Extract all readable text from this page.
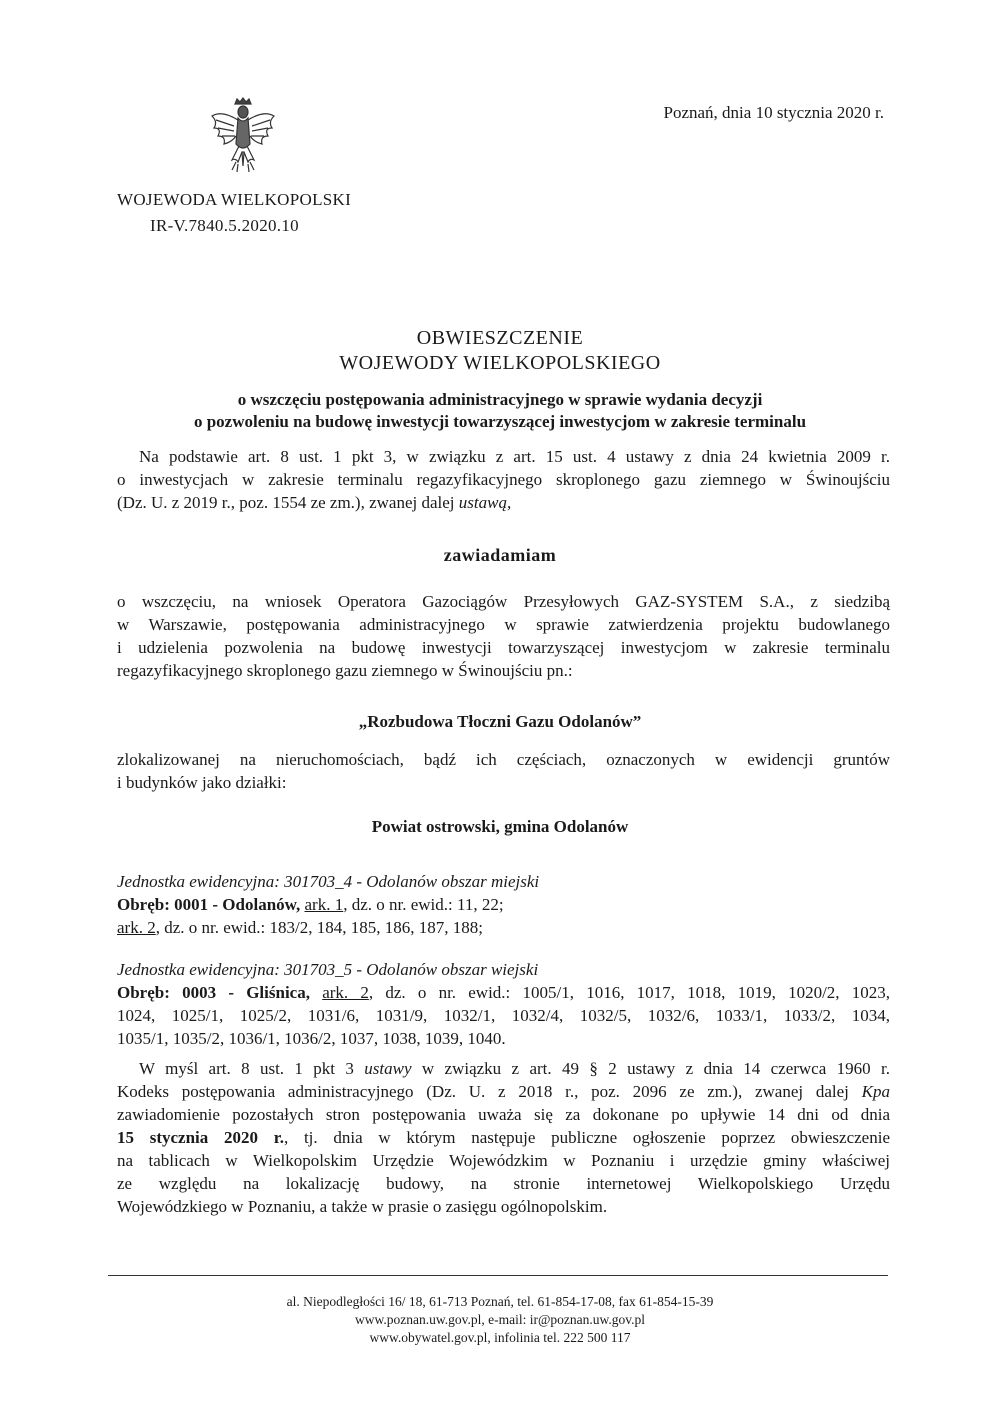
Poznań, dnia 10 stycznia 2020 r.
WOJEWODA WIELKOPOLSKI
IR-V.7840.5.2020.10
OBWIESZCZENIE
WOJEWODY WIELKOPOLSKIEGO
o wszczęciu postępowania administracyjnego w sprawie wydania decyzji
o pozwoleniu na budowę inwestycji towarzyszącej inwestycjom w zakresie terminalu
Na podstawie art. 8 ust. 1 pkt 3, w związku z art. 15 ust. 4 ustawy z dnia 24 kwietnia 2009 r.
o inwestycjach w zakresie terminalu regazyfikacyjnego skroplonego gazu ziemnego w Świnoujściu
(Dz. U. z 2019 r., poz. 1554 ze zm.), zwanej dalej ustawą,
zawiadamiam
o wszczęciu, na wniosek Operatora Gazociągów Przesyłowych GAZ-SYSTEM S.A., z siedzibą
w Warszawie, postępowania administracyjnego w sprawie zatwierdzenia projektu budowlanego
i udzielenia pozwolenia na budowę inwestycji towarzyszącej inwestycjom w zakresie terminalu
regazyfikacyjnego skroplonego gazu ziemnego w Świnoujściu pn.:
„Rozbudowa Tłoczni Gazu Odolanów”
zlokalizowanej na nieruchomościach, bądź ich częściach, oznaczonych w ewidencji gruntów
i budynków jako działki:
Powiat ostrowski, gmina Odolanów
Jednostka ewidencyjna: 301703_4 - Odolanów obszar miejski
Obręb: 0001 - Odolanów, ark. 1, dz. o nr. ewid.: 11, 22;
ark. 2, dz. o nr. ewid.: 183/2, 184, 185, 186, 187, 188;
Jednostka ewidencyjna: 301703_5 - Odolanów obszar wiejski
Obręb: 0003 - Gliśnica, ark. 2, dz. o nr. ewid.: 1005/1, 1016, 1017, 1018, 1019, 1020/2, 1023,
1024, 1025/1, 1025/2, 1031/6, 1031/9, 1032/1, 1032/4, 1032/5, 1032/6, 1033/1, 1033/2, 1034,
1035/1, 1035/2, 1036/1, 1036/2, 1037, 1038, 1039, 1040.
W myśl art. 8 ust. 1 pkt 3 ustawy w związku z art. 49 § 2 ustawy z dnia 14 czerwca 1960 r.
Kodeks postępowania administracyjnego (Dz. U. z 2018 r., poz. 2096 ze zm.), zwanej dalej Kpa
zawiadomienie pozostałych stron postępowania uważa się za dokonane po upływie 14 dni od dnia
15 stycznia 2020 r., tj. dnia w którym następuje publiczne ogłoszenie poprzez obwieszczenie
na tablicach w Wielkopolskim Urzędzie Wojewódzkim w Poznaniu i urzędzie gminy właściwej
ze względu na lokalizację budowy, na stronie internetowej Wielkopolskiego Urzędu
Wojewódzkiego w Poznaniu, a także w prasie o zasięgu ogólnopolskim.
al. Niepodległości 16/ 18, 61-713 Poznań, tel. 61-854-17-08, fax 61-854-15-39
www.poznan.uw.gov.pl, e-mail: ir@poznan.uw.gov.pl
www.obywatel.gov.pl, infolinia tel. 222 500 117
